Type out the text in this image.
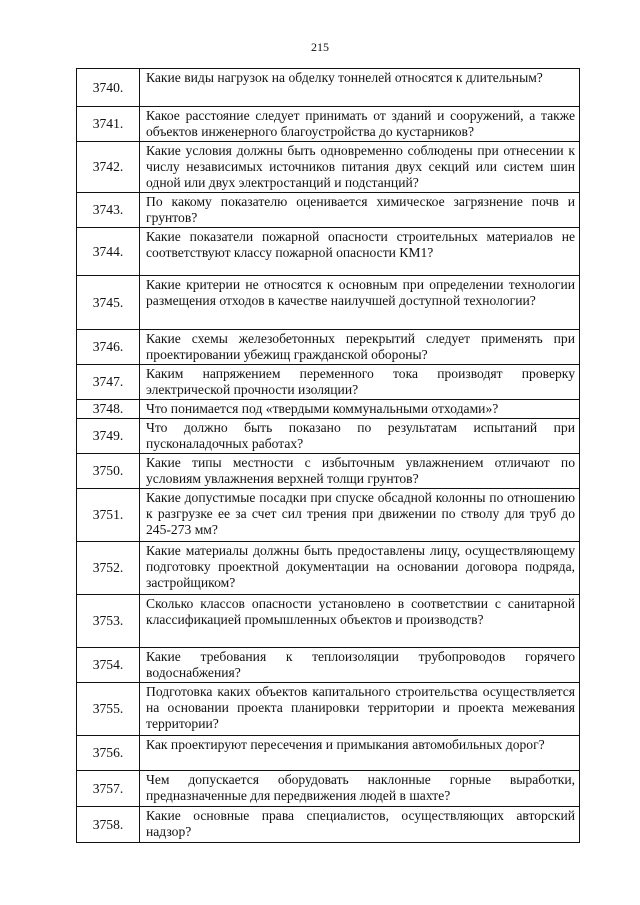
215
3740.	Какие виды нагрузок на обделку тоннелей относятся к длительным?
3741.	Какое расстояние следует принимать от зданий и сооружений, а также объектов инженерного благоустройства до кустарников?
3742.	Какие условия должны быть одновременно соблюдены при отнесении к числу независимых источников питания двух секций или систем шин одной или двух электростанций и подстанций?
3743.	По какому показателю оценивается химическое загрязнение почв и грунтов?
3744.	Какие показатели пожарной опасности строительных материалов не соответствуют классу пожарной опасности КМ1?
3745.	Какие критерии не относятся к основным при определении технологии размещения отходов в качестве наилучшей доступной технологии?
3746.	Какие схемы железобетонных перекрытий следует применять при проектировании убежищ гражданской обороны?
3747.	Каким напряжением переменного тока производят проверку электрической прочности изоляции?
3748.	Что понимается под «твердыми коммунальными отходами»?
3749.	Что должно быть показано по результатам испытаний при пусконаладочных работах?
3750.	Какие типы местности с избыточным увлажнением отличают по условиям увлажнения верхней толщи грунтов?
3751.	Какие допустимые посадки при спуске обсадной колонны по отношению к разгрузке ее за счет сил трения при движении по стволу для труб до 245-273 мм?
3752.	Какие материалы должны быть предоставлены лицу, осуществляющему подготовку проектной документации на основании договора подряда, застройщиком?
3753.	Сколько классов опасности установлено в соответствии с санитарной классификацией промышленных объектов и производств?
3754.	Какие требования к теплоизоляции трубопроводов горячего водоснабжения?
3755.	Подготовка каких объектов капитального строительства осуществляется на основании проекта планировки территории и проекта межевания территории?
3756.	Как проектируют пересечения и примыкания автомобильных дорог?
3757.	Чем допускается оборудовать наклонные горные выработки, предназначенные для передвижения людей в шахте?
3758.	Какие основные права специалистов, осуществляющих авторский надзор?
